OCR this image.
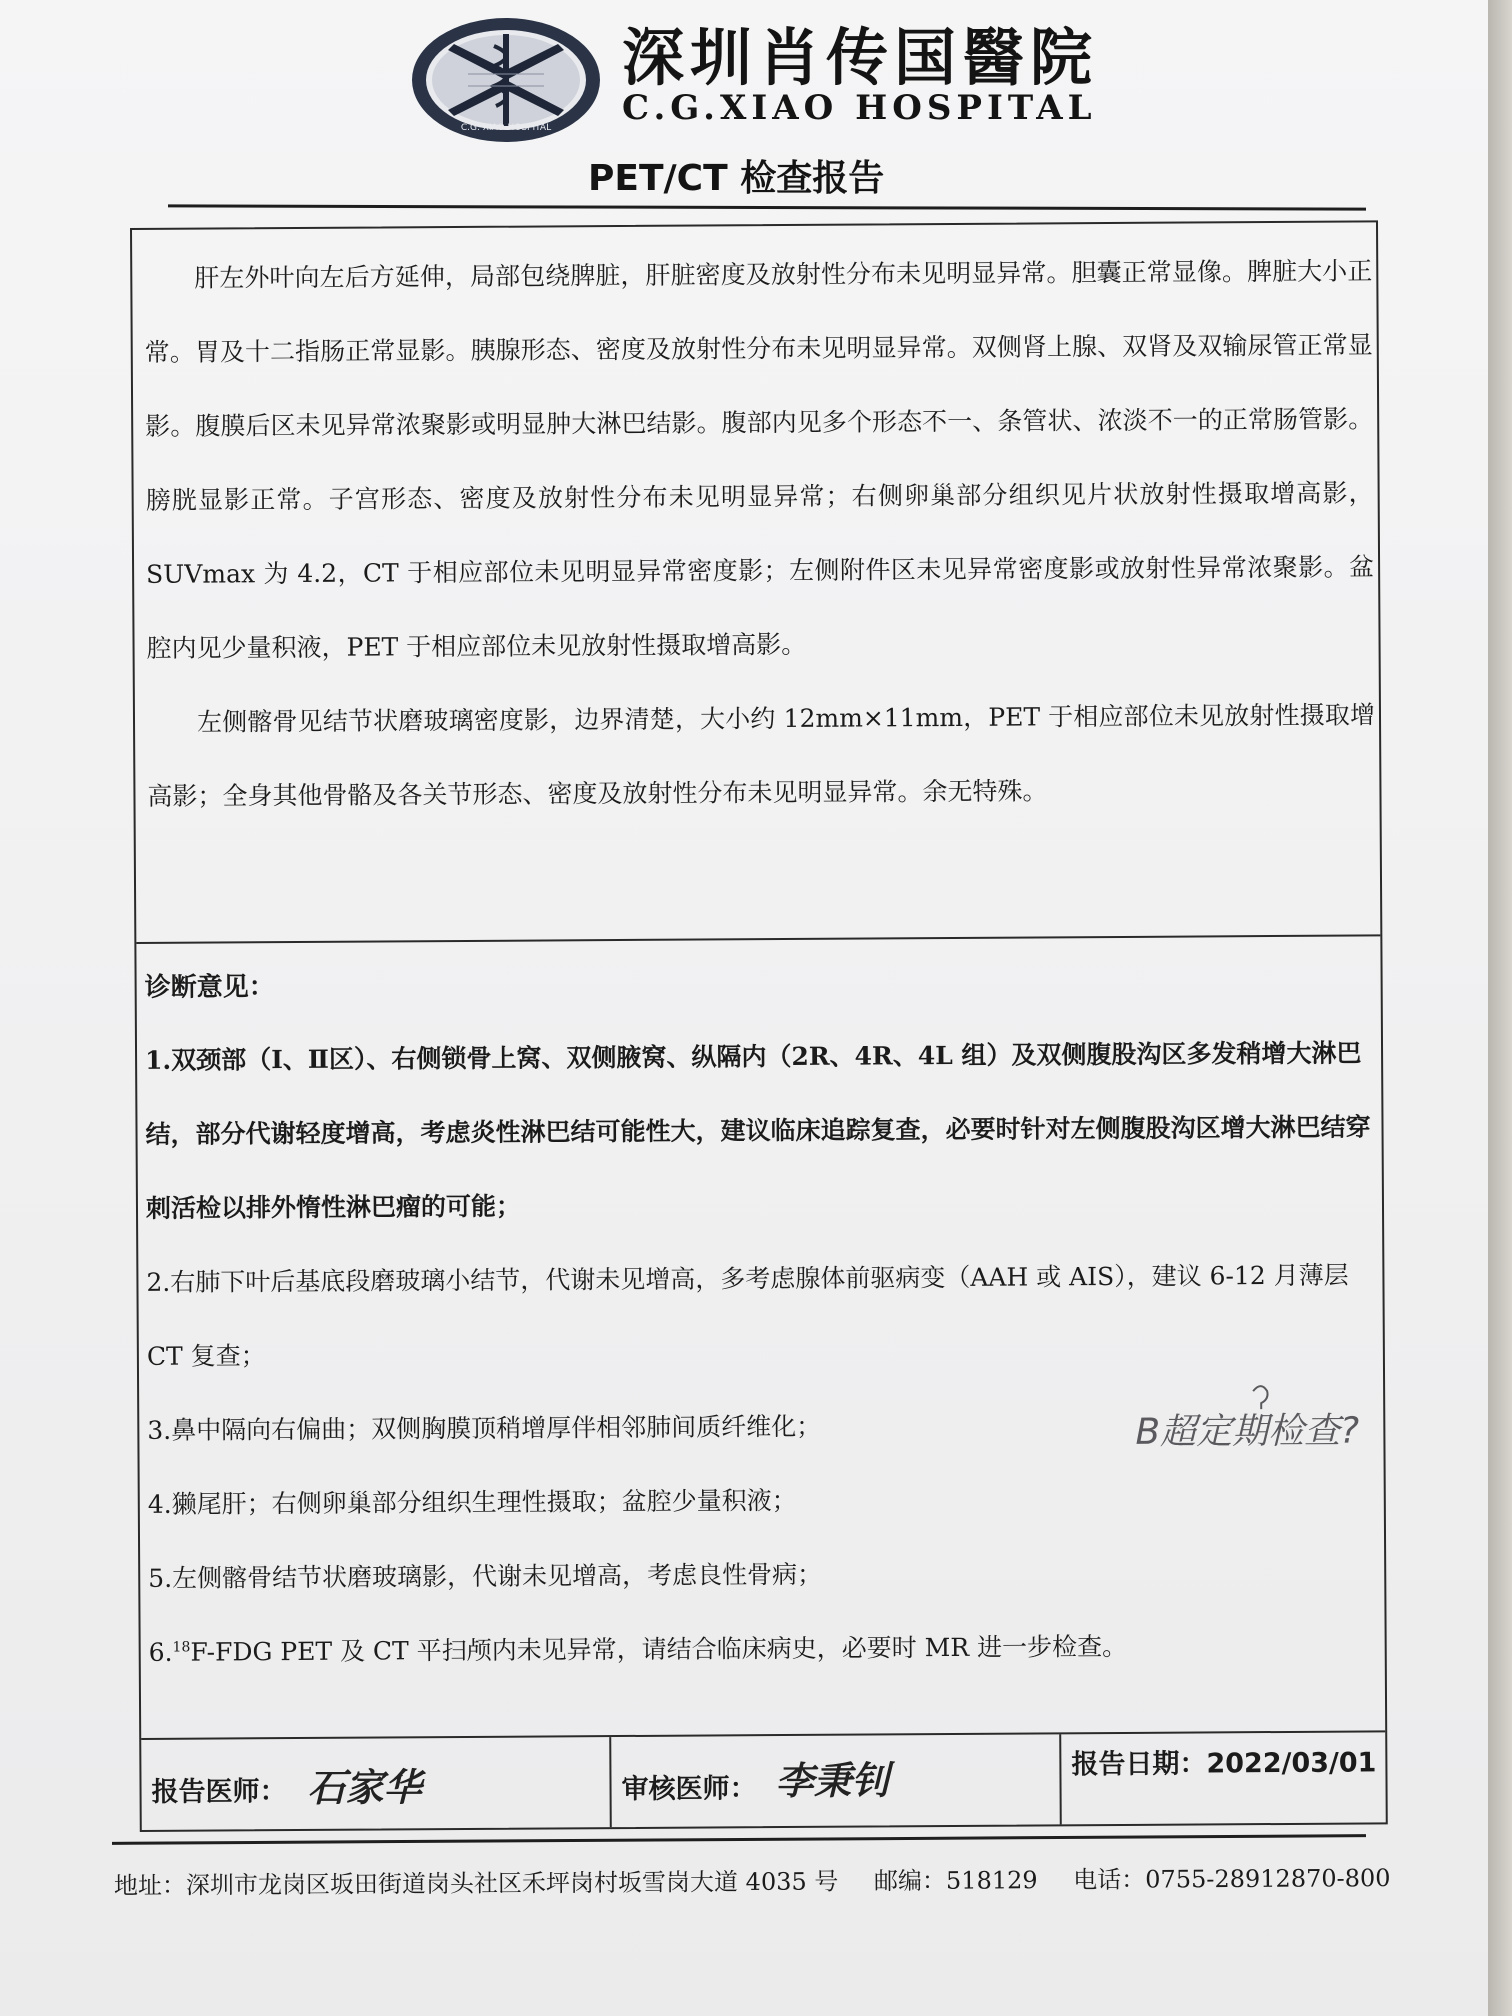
C.G. XIAO HOSPITAL
深圳肖传国醫院
C.G.XIAO HOSPITAL
PET/CT 检查报告

肝左外叶向左后方延伸，局部包绕脾脏，肝脏密度及放射性分布未见明显异常。胆囊正常显像。脾脏大小正常。胃及十二指肠正常显影。胰腺形态、密度及放射性分布未见明显异常。双侧肾上腺、双肾及双输尿管正常显影。腹膜后区未见异常浓聚影或明显肿大淋巴结影。腹部内见多个形态不一、条管状、浓淡不一的正常肠管影。膀胱显影正常。子宫形态、密度及放射性分布未见明显异常；右侧卵巢部分组织见片状放射性摄取增高影，SUVmax 为 4.2，CT 于相应部位未见明显异常密度影；左侧附件区未见异常密度影或放射性异常浓聚影。盆腔内见少量积液，PET 于相应部位未见放射性摄取增高影。

左侧髂骨见结节状磨玻璃密度影，边界清楚，大小约 12mm×11mm，PET 于相应部位未见放射性摄取增高影；全身其他骨骼及各关节形态、密度及放射性分布未见明显异常。余无特殊。

诊断意见：

1.双颈部（Ⅰ、Ⅱ区）、右侧锁骨上窝、双侧腋窝、纵隔内（2R、4R、4L 组）及双侧腹股沟区多发稍增大淋巴结，部分代谢轻度增高，考虑炎性淋巴结可能性大，建议临床追踪复查，必要时针对左侧腹股沟区增大淋巴结穿刺活检以排外惰性淋巴瘤的可能；

2.右肺下叶后基底段磨玻璃小结节，代谢未见增高，多考虑腺体前驱病变（AAH 或 AIS），建议 6-12 月薄层 CT 复查；

3.鼻中隔向右偏曲；双侧胸膜顶稍增厚伴相邻肺间质纤维化；

4.獭尾肝；右侧卵巢部分组织生理性摄取；盆腔少量积液；

5.左侧髂骨结节状磨玻璃影，代谢未见增高，考虑良性骨病；

6.18F-FDG PET 及 CT 平扫颅内未见异常，请结合临床病史，必要时 MR 进一步检查。

B超定期检查?
报告医师： 石家华	审核医师： 李秉钊	报告日期：2022/03/01
地址：深圳市龙岗区坂田街道岗头社区禾坪岗村坂雪岗大道 4035 号 邮编：518129 电话：0755-28912870-800
